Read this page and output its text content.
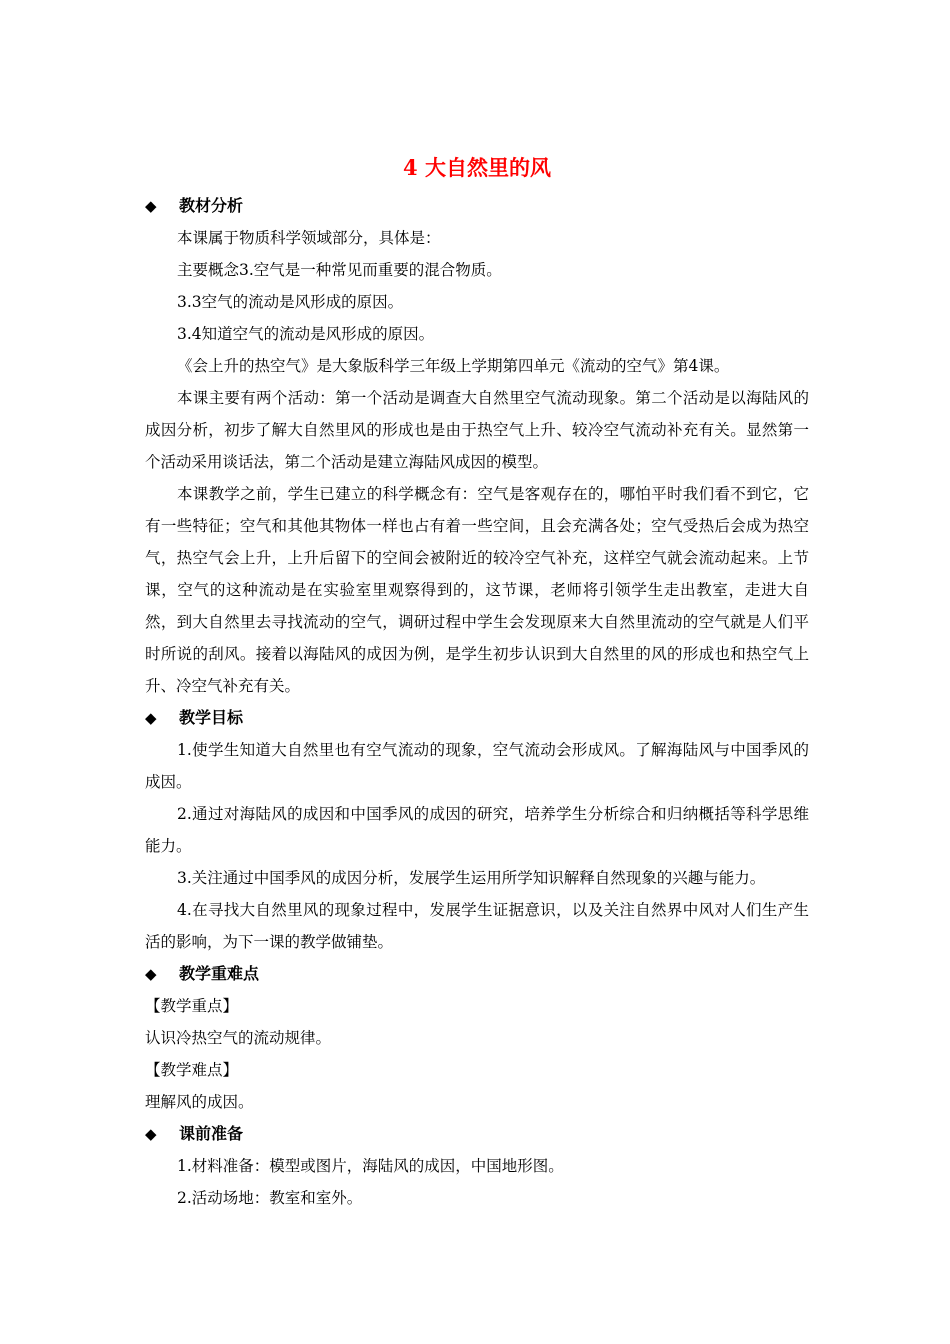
4 大自然里的风
◆	教材分析

本课属于物质科学领域部分，具体是：

主要概念3.空气是一种常见而重要的混合物质。

3.3空气的流动是风形成的原因。

3.4知道空气的流动是风形成的原因。

《会上升的热空气》是大象版科学三年级上学期第四单元《流动的空气》第4课。

本课主要有两个活动：第一个活动是调查大自然里空气流动现象。第二个活动是以海陆风的成因分析，初步了解大自然里风的形成也是由于热空气上升、较冷空气流动补充有关。显然第一个活动采用谈话法，第二个活动是建立海陆风成因的模型。

本课教学之前，学生已建立的科学概念有：空气是客观存在的，哪怕平时我们看不到它，它有一些特征；空气和其他其物体一样也占有着一些空间，且会充满各处；空气受热后会成为热空气，热空气会上升，上升后留下的空间会被附近的较冷空气补充，这样空气就会流动起来。上节课，空气的这种流动是在实验室里观察得到的，这节课，老师将引领学生走出教室，走进大自然，到大自然里去寻找流动的空气，调研过程中学生会发现原来大自然里流动的空气就是人们平时所说的刮风。接着以海陆风的成因为例，是学生初步认识到大自然里的风的形成也和热空气上升、冷空气补充有关。

◆	教学目标

1.使学生知道大自然里也有空气流动的现象，空气流动会形成风。了解海陆风与中国季风的成因。

2.通过对海陆风的成因和中国季风的成因的研究，培养学生分析综合和归纳概括等科学思维能力。

3.关注通过中国季风的成因分析，发展学生运用所学知识解释自然现象的兴趣与能力。

4.在寻找大自然里风的现象过程中，发展学生证据意识，以及关注自然界中风对人们生产生活的影响，为下一课的教学做铺垫。

◆	教学重难点

【教学重点】

认识冷热空气的流动规律。

【教学难点】

理解风的成因。

◆	课前准备

1.材料准备：模型或图片，海陆风的成因，中国地形图。

2.活动场地：教室和室外。
